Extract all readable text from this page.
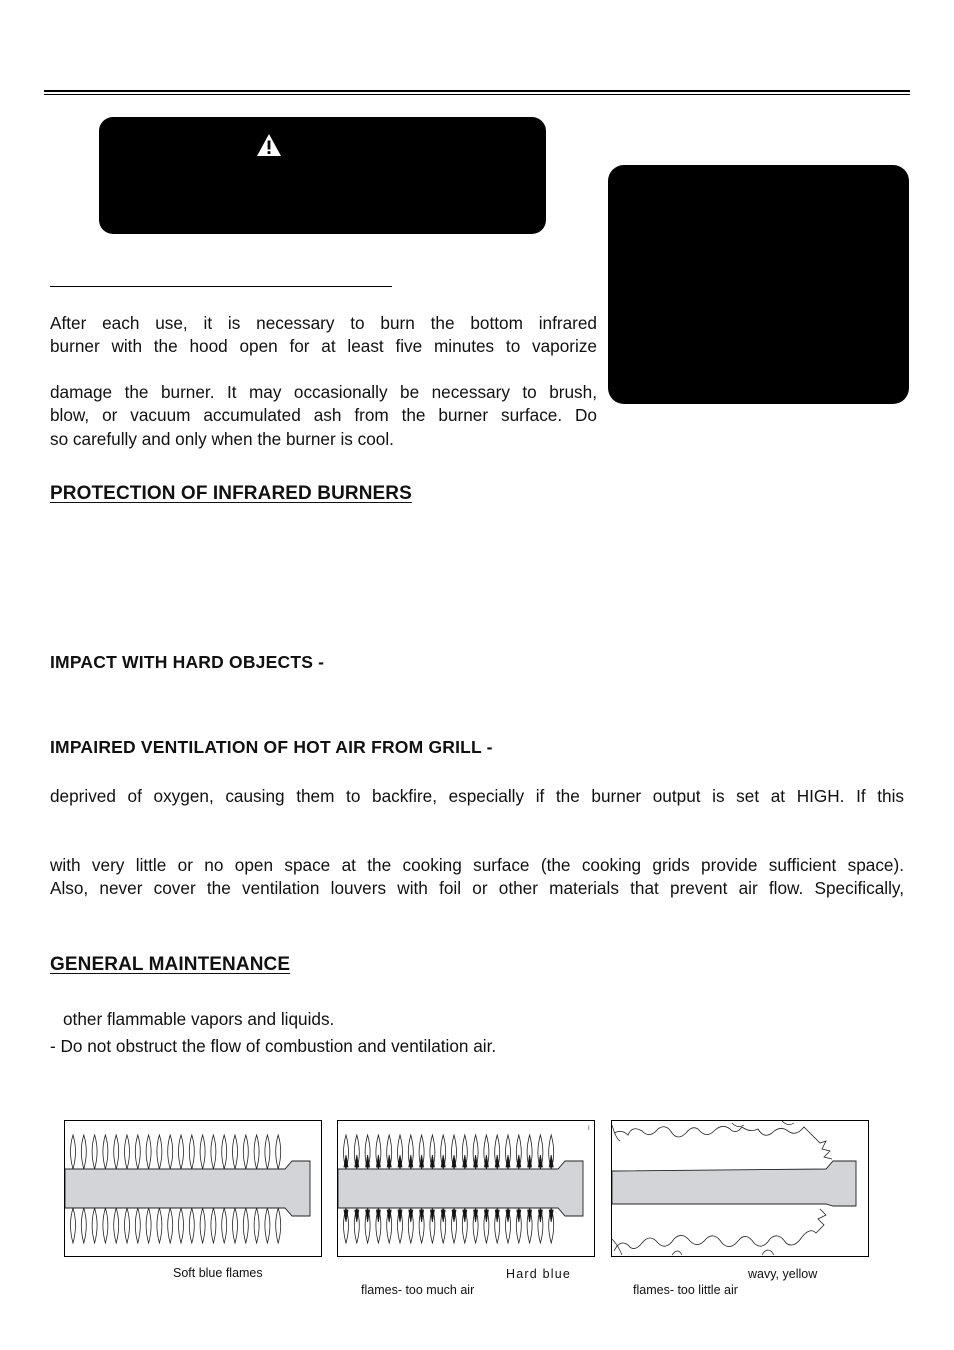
After each use, it is necessary to burn the bottom infrared
burner with the hood open for at least five minutes to vaporize
damage the burner. It may occasionally be necessary to brush,
blow, or vacuum accumulated ash from the burner surface. Do
so carefully and only when the burner is cool.
PROTECTION OF INFRARED BURNERS
IMPACT WITH HARD OBJECTS -
IMPAIRED VENTILATION OF HOT AIR FROM GRILL -
deprived of oxygen, causing them to backfire, especially if the burner output is set at HIGH. If this
with very little or no open space at the cooking surface (the cooking grids provide sufficient space).
Also, never cover the ventilation louvers with foil or other materials that prevent air flow. Specifically,
GENERAL MAINTENANCE
other flammable vapors and liquids.
- Do not obstruct the flow of combustion and ventilation air.
I
Soft blue flames	Hard blue
flames- too much air
wavy, yellow
flames- too little air
